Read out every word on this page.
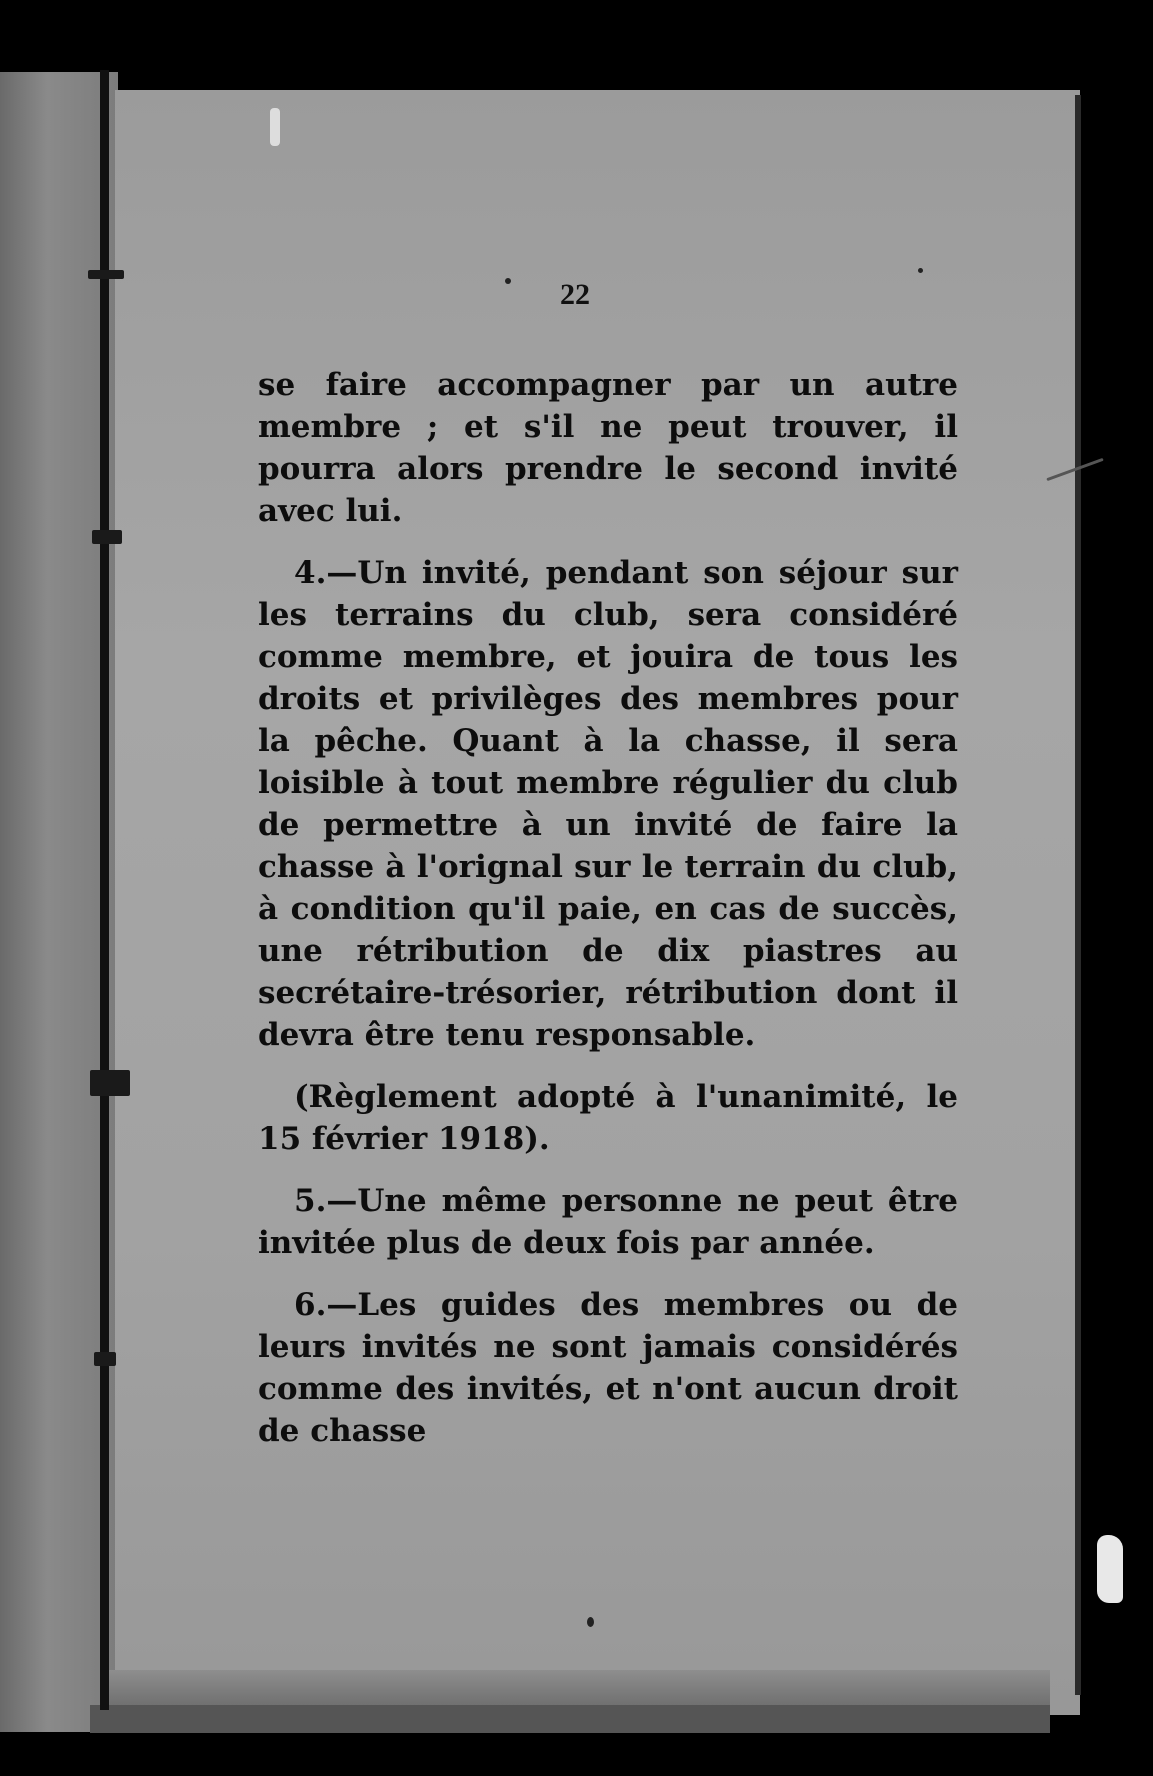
22

se faire accompagner par un autre membre ; et s'il ne peut trouver, il pourra alors prendre le second invité avec lui.

4.—Un invité, pendant son séjour sur les terrains du club, sera considéré comme membre, et jouira de tous les droits et privilèges des membres pour la pêche. Quant à la chasse, il sera loisible à tout membre régulier du club de permettre à un invité de faire la chasse à l'orignal sur le terrain du club, à condition qu'il paie, en cas de succès, une rétribution de dix piastres au secrétaire-trésorier, rétribution dont il devra être tenu responsable.

(Règlement adopté à l'unanimité, le 15 février 1918).

5.—Une même personne ne peut être invitée plus de deux fois par année.

6.—Les guides des membres ou de leurs invités ne sont jamais considérés comme des invités, et n'ont aucun droit de chasse
